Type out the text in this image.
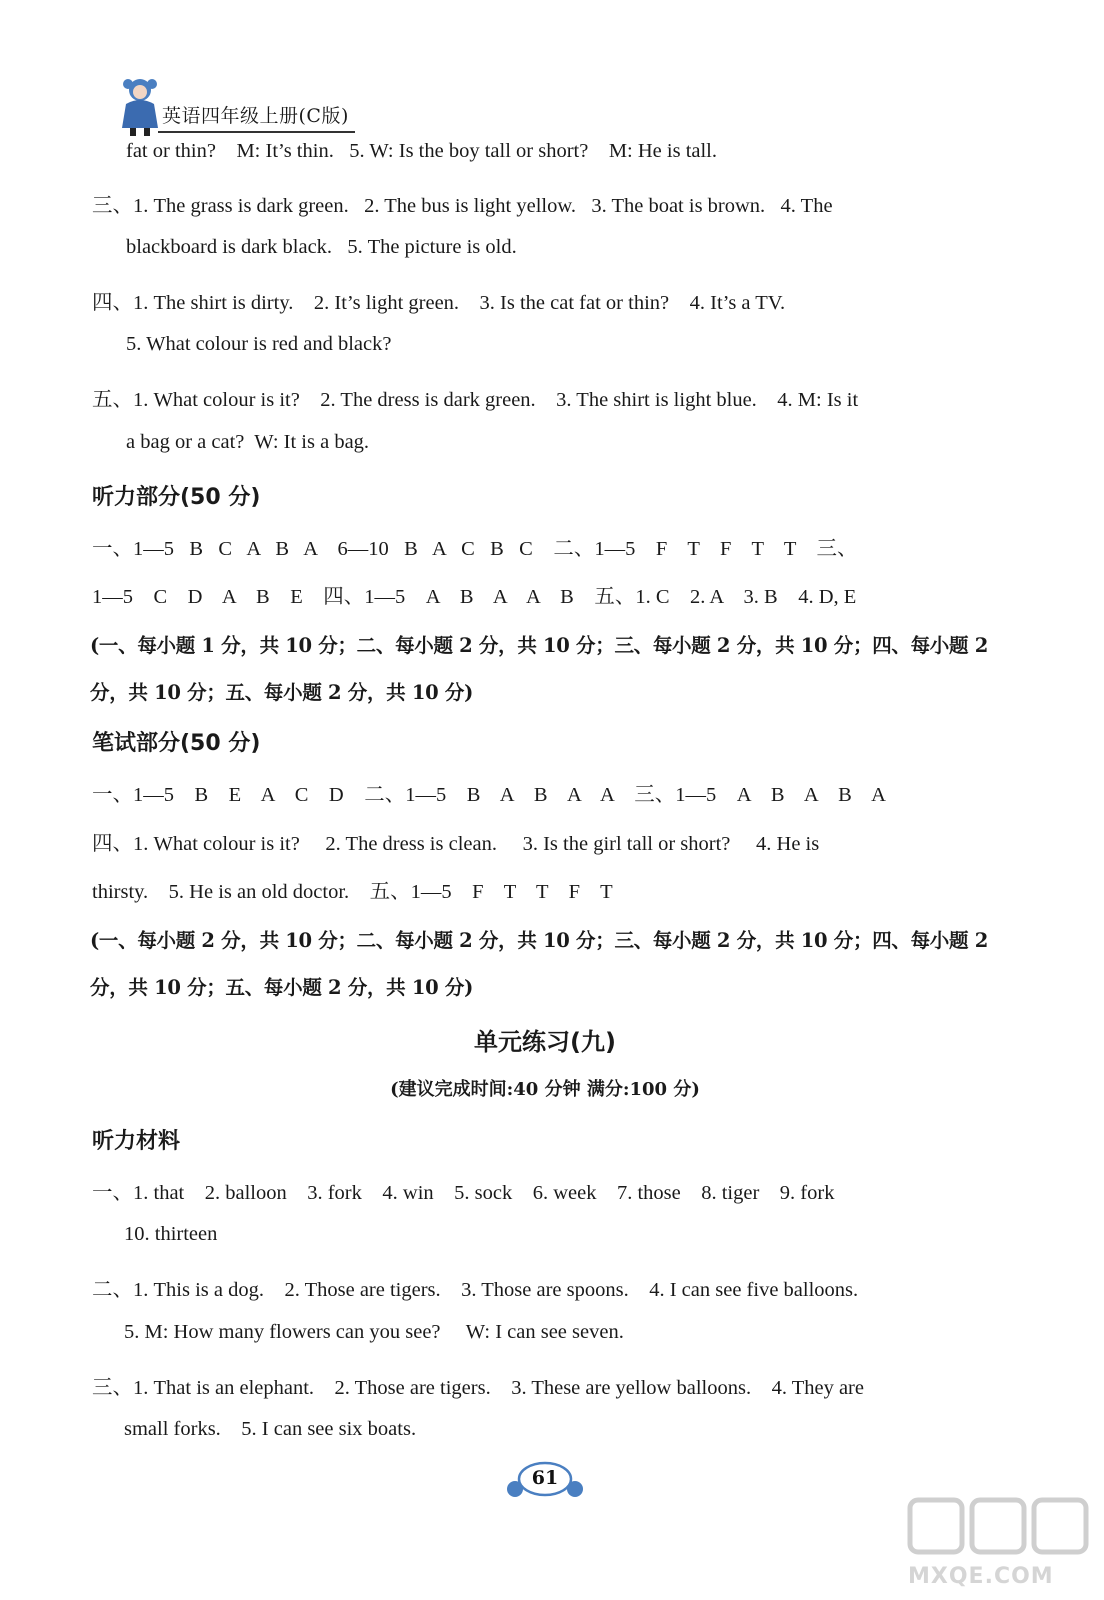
英语四年级上册(C版)
fat or thin?    M: It’s thin.   5. W: Is the boy tall or short?    M: He is tall.
三、1. The grass is dark green.   2. The bus is light yellow.   3. The boat is brown.   4. The
blackboard is dark black.   5. The picture is old.
四、1. The shirt is dirty.    2. It’s light green.    3. Is the cat fat or thin?    4. It’s a TV.
5. What colour is red and black?
五、1. What colour is it?    2. The dress is dark green.    3. The shirt is light blue.    4. M: Is it
a bag or a cat?  W: It is a bag.
听力部分(50 分)
一、1—5   B   C   A   B   A    6—10   B   A   C   B   C    二、1—5    F    T    F    T    T    三、
1—5    C    D    A    B    E    四、1—5    A    B    A    A    B    五、1. C    2. A    3. B    4. D, E
(一、每小题 1 分，共 10 分；二、每小题 2 分，共 10 分；三、每小题 2 分，共 10 分；四、每小题 2
分，共 10 分；五、每小题 2 分，共 10 分)
笔试部分(50 分)
一、1—5    B    E    A    C    D    二、1—5    B    A    B    A    A    三、1—5    A    B    A    B    A
四、1. What colour is it?     2. The dress is clean.     3. Is the girl tall or short?     4. He is
thirsty.    5. He is an old doctor.    五、1—5    F    T    T    F    T
(一、每小题 2 分，共 10 分；二、每小题 2 分，共 10 分；三、每小题 2 分，共 10 分；四、每小题 2
分，共 10 分；五、每小题 2 分，共 10 分)
单元练习(九)
(建议完成时间:40 分钟 满分:100 分)
听力材料
一、1. that    2. balloon    3. fork    4. win    5. sock    6. week    7. those    8. tiger    9. fork
10. thirteen
二、1. This is a dog.    2. Those are tigers.    3. Those are spoons.    4. I can see five balloons.
5. M: How many flowers can you see?     W: I can see seven.
三、1. That is an elephant.    2. Those are tigers.    3. These are yellow balloons.    4. They are
small forks.    5. I can see six boats.
61
MXQE.COM
